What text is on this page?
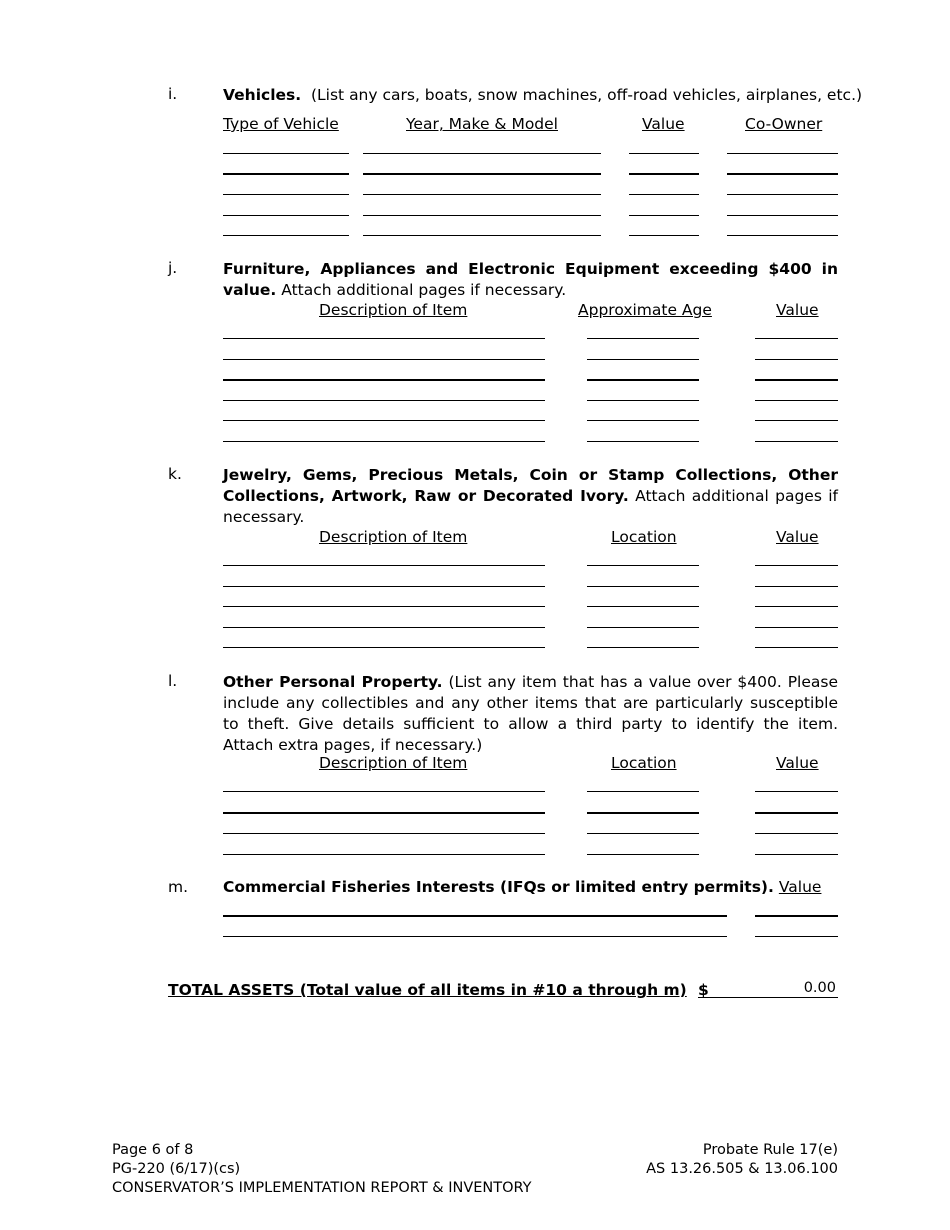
i.	Vehicles.  (List any cars, boats, snow machines, off-road vehicles, airplanes, etc.)
Type of Vehicle	Year, Make & Model	Value	Co-Owner
j.	Furniture, Appliances and Electronic Equipment exceeding $400 in value. Attach additional pages if necessary.
Description of Item	Approximate Age	Value
k.	Jewelry, Gems, Precious Metals, Coin or Stamp Collections, Other Collections, Artwork, Raw or Decorated Ivory. Attach additional pages if necessary.
Description of Item	Location	Value
l.	Other Personal Property. (List any item that has a value over $400. Please include any collectibles and any other items that are particularly susceptible to theft. Give details sufficient to allow a third party to identify the item. Attach extra pages, if necessary.)
Description of Item	Location	Value
m. Commercial Fisheries Interests (IFQs or limited entry permits). Value
TOTAL ASSETS (Total value of all items in #10 a through m) $	0.00
Page 6 of 8
PG-220 (6/17)(cs)
CONSERVATOR’S IMPLEMENTATION REPORT & INVENTORY
Probate Rule 17(e)
AS 13.26.505 & 13.06.100
